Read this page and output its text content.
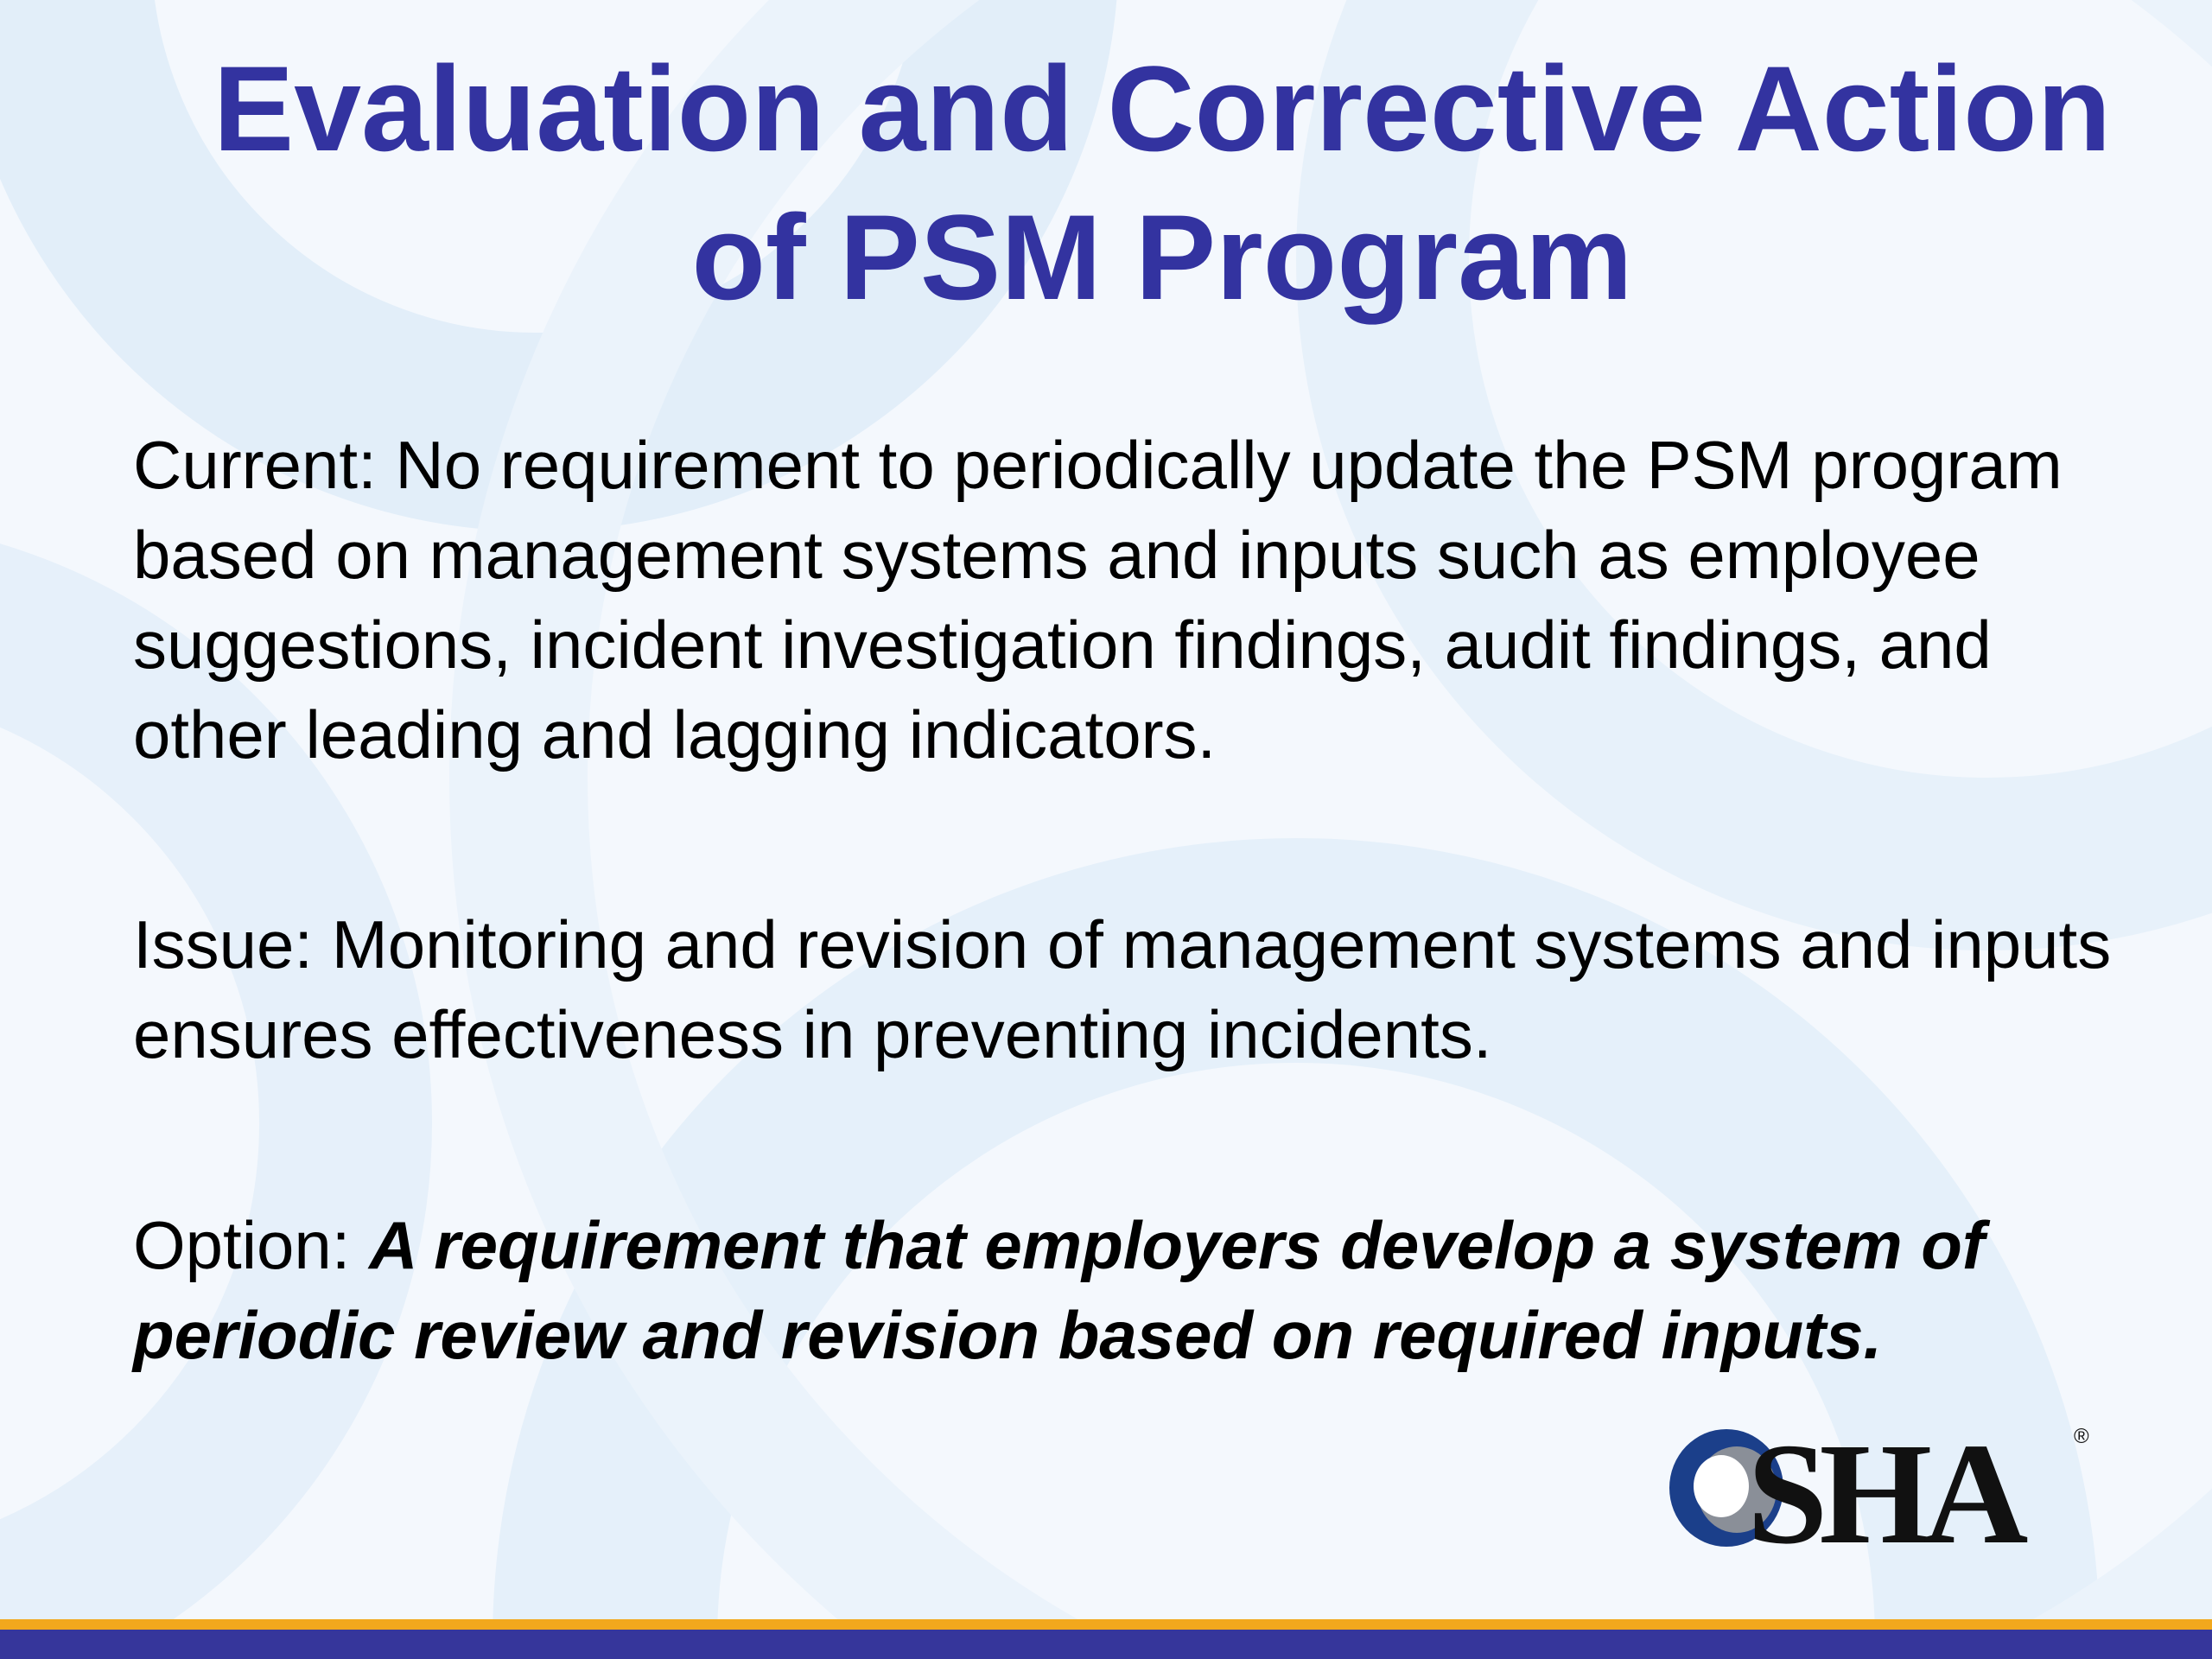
Evaluation and Corrective Action
of PSM Program

Current: No requirement to periodically update the PSM program based on management systems and inputs such as employee suggestions, incident investigation findings, audit findings, and other leading and lagging indicators.

Issue: Monitoring and revision of management systems and inputs ensures effectiveness in preventing incidents.

Option: A requirement that employers develop a system of periodic review and revision based on required inputs.

SHA	®
